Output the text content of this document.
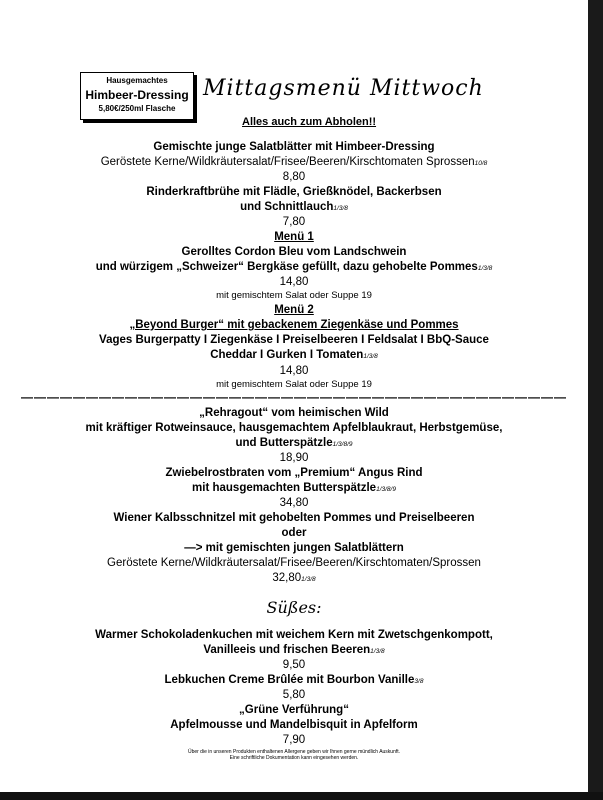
Hausgemachtes
Himbeer-Dressing
5,80€/250ml Flasche
Mittagsmenü Mittwoch
Alles auch zum Abholen!!
Gemischte junge Salatblätter mit Himbeer-Dressing
Geröstete Kerne/Wildkräutersalat/Frisee/Beeren/Kirschtomaten Sprossen10/8
8,80
Rinderkraftbrühe mit Flädle, Grießknödel, Backerbsen
und Schnittlauch1/3/8
7,80
Menü 1
Gerolltes Cordon Bleu vom Landschwein
und würzigem „Schweizer“ Bergkäse gefüllt, dazu gehobelte Pommes1/3/8
14,80
mit gemischtem Salat oder Suppe 19
Menü 2
„Beyond Burger“ mit gebackenem Ziegenkäse und Pommes
Vages Burgerpatty I Ziegenkäse I Preiselbeeren I Feldsalat I BbQ-Sauce
Cheddar I Gurken I Tomaten1/3/8
14,80
mit gemischtem Salat oder Suppe 19
——————————————————————————————————————————
„Rehragout“ vom heimischen Wild
mit kräftiger Rotweinsauce, hausgemachtem Apfelblaukraut, Herbstgemüse,
und Butterspätzle1/3/8/9
18,90
Zwiebelrostbraten vom „Premium“ Angus Rind
mit hausgemachten Butterspätzle1/3/8/9
34,80
Wiener Kalbsschnitzel mit gehobelten Pommes und Preiselbeeren
oder
—> mit gemischten jungen Salatblättern
Geröstete Kerne/Wildkräutersalat/Frisee/Beeren/Kirschtomaten/Sprossen
32,801/3/8
Süßes:
Warmer Schokoladenkuchen mit weichem Kern mit Zwetschgenkompott,
Vanilleeis und frischen Beeren1/3/8
9,50
Lebkuchen Creme Brûlée mit Bourbon Vanille3/8
5,80
„Grüne Verführung“
Apfelmousse und Mandelbisquit in Apfelform
7,90
Über die in unseren Produkten enthaltenen Allergene geben wir Ihnen gerne mündlich Auskunft.
Eine schriftliche Dokumentation kann eingesehen werden.
